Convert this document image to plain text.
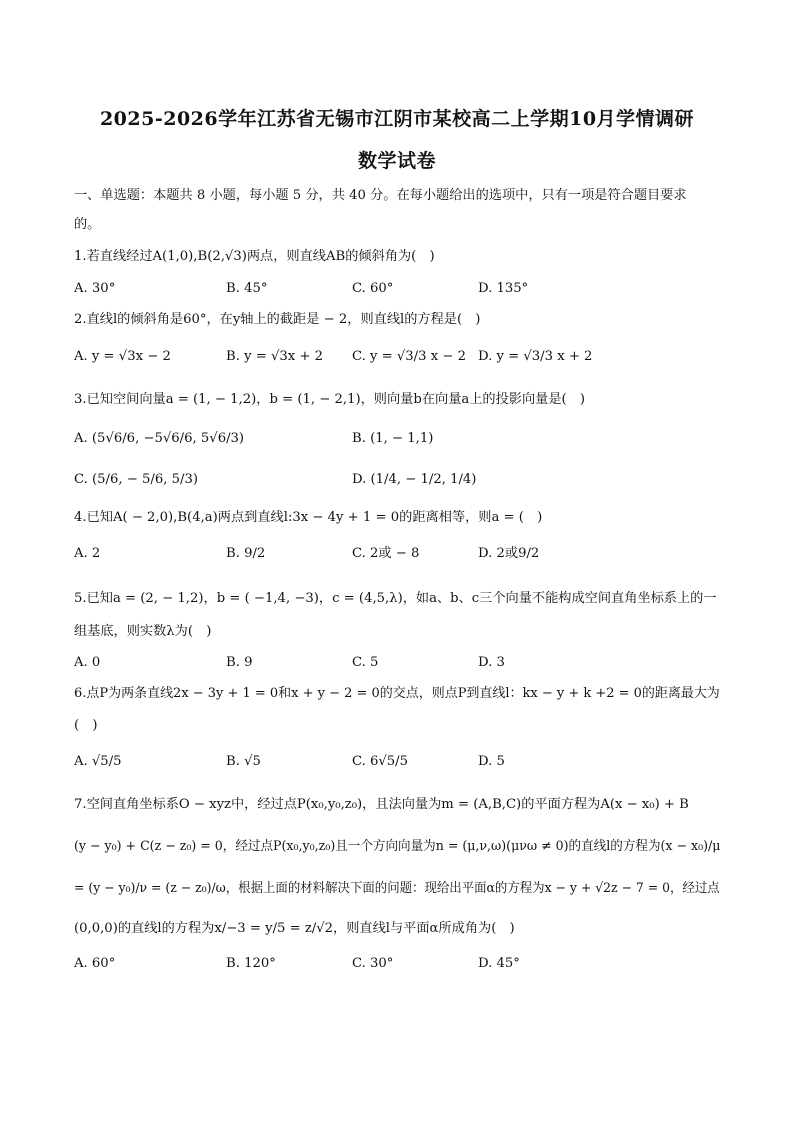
2025-2026学年江苏省无锡市江阴市某校高二上学期10月学情调研
数学试卷
一、单选题：本题共 8 小题，每小题 5 分，共 40 分。在每小题给出的选项中，只有一项是符合题目要求
的。
1.若直线经过A(1,0),B(2,√3)两点，则直线AB的倾斜角为(　)
A. 30°	B. 45°	C. 60°	D. 135°
2.直线l的倾斜角是60°，在y轴上的截距是 − 2，则直线l的方程是(　)
A. y = √3x − 2	B. y = √3x + 2 C. y = √3/3 x − 2 D. y = √3/3 x + 2
3.已知空间向量a = (1, − 1,2)，b = (1, − 2,1)，则向量b在向量a上的投影向量是(　)
A. (5√6/6, −5√6/6, 5√6/3)	B. (1, − 1,1)
C. (5/6, − 5/6, 5/3)	D. (1/4, − 1/2, 1/4)
4.已知A( − 2,0),B(4,a)两点到直线l:3x − 4y + 1 = 0的距离相等，则a = (　)
A. 2	B. 9/2	C. 2或 − 8	D. 2或9/2
5.已知a = (2, − 1,2)，b = ( −1,4, −3)，c = (4,5,λ)，如a、b、c三个向量不能构成空间直角坐标系上的一
组基底，则实数λ为(　)
A. 0	B. 9	C. 5	D. 3
6.点P为两条直线2x − 3y + 1 = 0和x + y − 2 = 0的交点，则点P到直线l：kx − y + k +2 = 0的距离最大为
(　)
A. √5/5	B. √5	C. 6√5/5	D. 5
7.空间直角坐标系O − xyz中，经过点P(x₀,y₀,z₀)，且法向量为m = (A,B,C)的平面方程为A(x − x₀) + B
(y − y₀) + C(z − z₀) = 0，经过点P(x₀,y₀,z₀)且一个方向向量为n = (μ,ν,ω)(μνω ≠ 0)的直线l的方程为(x − x₀)/μ
= (y − y₀)/ν = (z − z₀)/ω，根据上面的材料解决下面的问题：现给出平面α的方程为x − y + √2z − 7 = 0，经过点
(0,0,0)的直线l的方程为x/−3 = y/5 = z/√2，则直线l与平面α所成角为(　)
A. 60°	B. 120°	C. 30°	D. 45°
